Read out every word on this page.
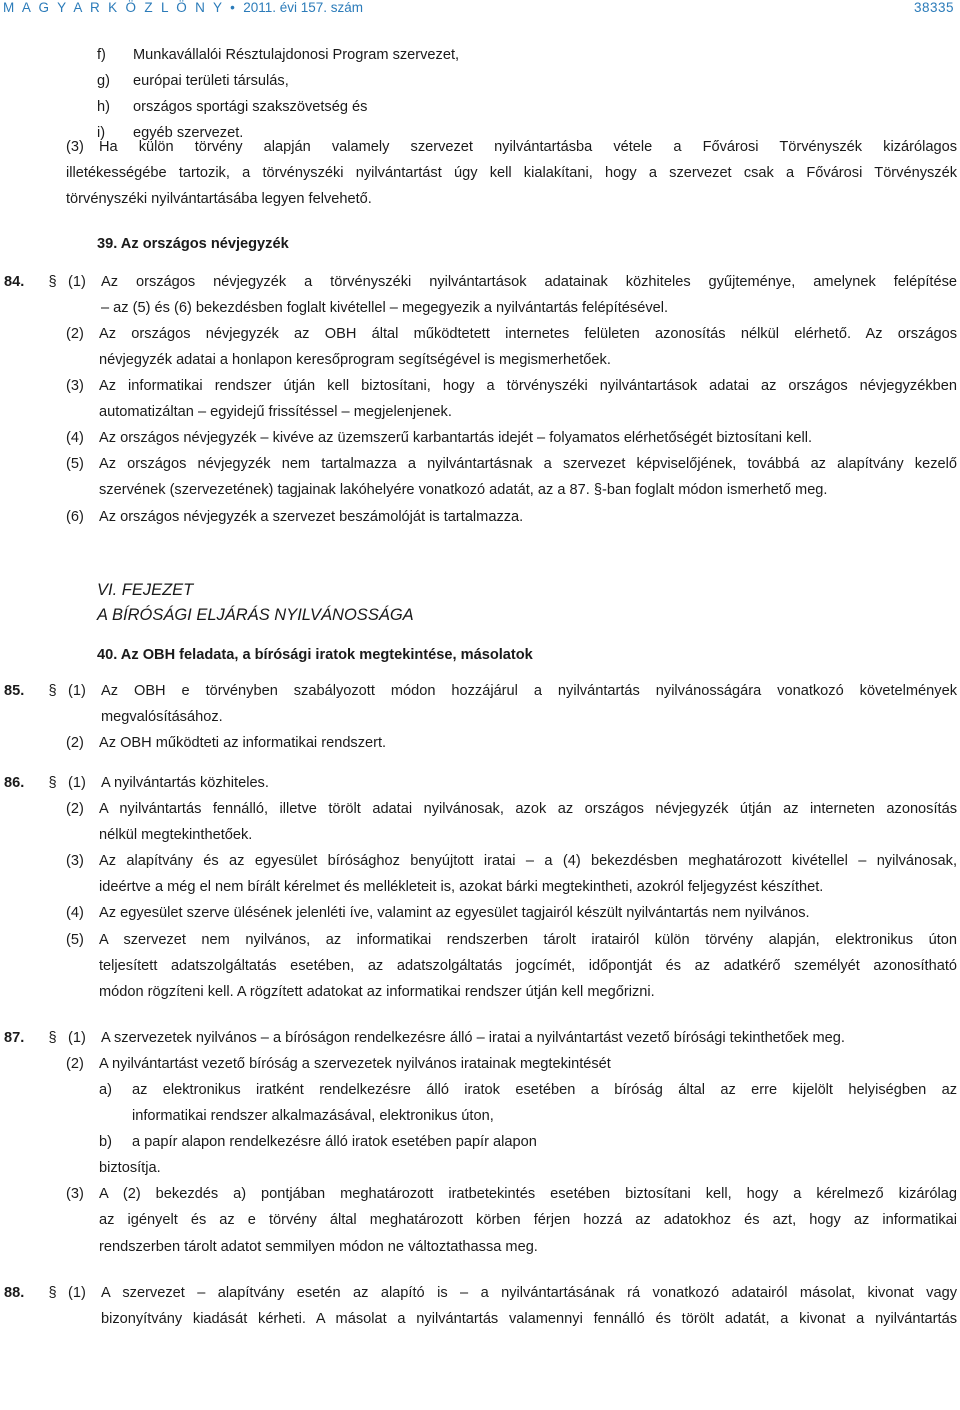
M A G Y A R K Ö Z L Ö N Y • 2011. évi 157. szám	38335
f)	Munkavállalói Résztulajdonosi Program szervezet,
g)	európai területi társulás,
h)	országos sportági szakszövetség és
i)	egyéb szervezet.
(3)	Ha külön törvény alapján valamely szervezet nyilvántartásba vétele a Fővárosi Törvényszék kizárólagos
illetékességébe tartozik, a törvényszéki nyilvántartást úgy kell kialakítani, hogy a szervezet csak a Fővárosi Törvényszék
törvényszéki nyilvántartásába legyen felvehető.
39. Az országos névjegyzék
84. § (1)	Az országos névjegyzék a törvényszéki nyilvántartások adatainak közhiteles gyűjteménye, amelynek felépítése
– az (5) és (6) bekezdésben foglalt kivétellel – megegyezik a nyilvántartás felépítésével.
(2)	Az országos névjegyzék az OBH által működtetett internetes felületen azonosítás nélkül elérhető. Az országos
névjegyzék adatai a honlapon keresőprogram segítségével is megismerhetőek.
(3)	Az informatikai rendszer útján kell biztosítani, hogy a törvényszéki nyilvántartások adatai az országos névjegyzékben
automatizáltan – egyidejű frissítéssel – megjelenjenek.
(4)	Az országos névjegyzék – kivéve az üzemszerű karbantartás idejét – folyamatos elérhetőségét biztosítani kell.
(5)	Az országos névjegyzék nem tartalmazza a nyilvántartásnak a szervezet képviselőjének, továbbá az alapítvány kezelő
szervének (szervezetének) tagjainak lakóhelyére vonatkozó adatát, az a 87. §-ban foglalt módon ismerhető meg.
(6)	Az országos névjegyzék a szervezet beszámolóját is tartalmazza.
VI. FEJEZET
A BÍRÓSÁGI ELJÁRÁS NYILVÁNOSSÁGA
40. Az OBH feladata, a bírósági iratok megtekintése, másolatok
85. § (1)	Az OBH e törvényben szabályozott módon hozzájárul a nyilvántartás nyilvánosságára vonatkozó követelmények
megvalósításához.
(2)	Az OBH működteti az informatikai rendszert.
86. § (1)	A nyilvántartás közhiteles.
(2)	A nyilvántartás fennálló, illetve törölt adatai nyilvánosak, azok az országos névjegyzék útján az interneten azonosítás
nélkül megtekinthetőek.
(3)	Az alapítvány és az egyesület bírósághoz benyújtott iratai – a (4) bekezdésben meghatározott kivétellel – nyilvánosak,
ideértve a még el nem bírált kérelmet és mellékleteit is, azokat bárki megtekintheti, azokról feljegyzést készíthet.
(4)	Az egyesület szerve ülésének jelenléti íve, valamint az egyesület tagjairól készült nyilvántartás nem nyilvános.
(5)	A szervezet nem nyilvános, az informatikai rendszerben tárolt iratairól külön törvény alapján, elektronikus úton
teljesített adatszolgáltatás esetében, az adatszolgáltatás jogcímét, időpontját és az adatkérő személyét azonosítható
módon rögzíteni kell. A rögzített adatokat az informatikai rendszer útján kell megőrizni.
87. § (1)	A szervezetek nyilvános – a bíróságon rendelkezésre álló – iratai a nyilvántartást vezető bírósági tekinthetőek meg.
(2)	A nyilvántartást vezető bíróság a szervezetek nyilvános iratainak megtekintését
a)	az elektronikus iratként rendelkezésre álló iratok esetében a bíróság által az erre kijelölt helyiségben az
informatikai rendszer alkalmazásával, elektronikus úton,
b)	a papír alapon rendelkezésre álló iratok esetében papír alapon
biztosítja.
(3)	A (2) bekezdés a) pontjában meghatározott iratbetekintés esetében biztosítani kell, hogy a kérelmező kizárólag
az igényelt és az e törvény által meghatározott körben férjen hozzá az adatokhoz és azt, hogy az informatikai
rendszerben tárolt adatot semmilyen módon ne változtathassa meg.
88. § (1)	A szervezet – alapítvány esetén az alapító is – a nyilvántartásának rá vonatkozó adatairól másolat, kivonat vagy
bizonyítvány kiadását kérheti. A másolat a nyilvántartás valamennyi fennálló és törölt adatát, a kivonat a nyilvántartás
